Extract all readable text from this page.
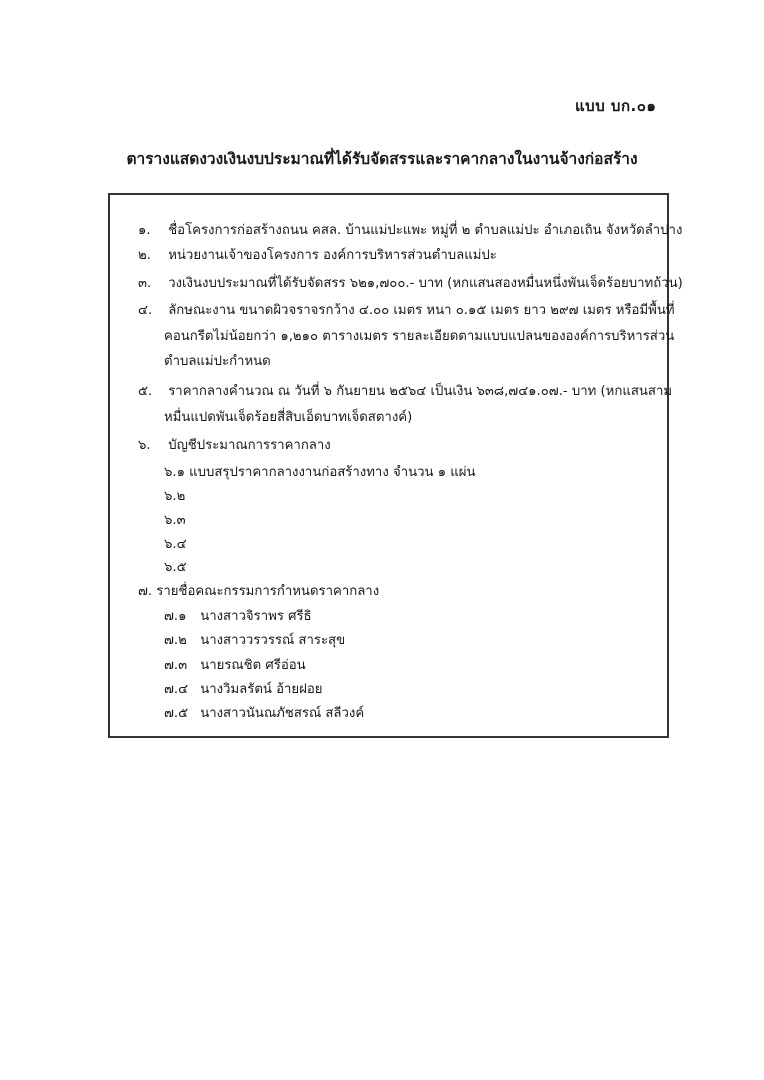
แบบ บก.๐๑
ตารางแสดงวงเงินงบประมาณที่ได้รับจัดสรรและราคากลางในงานจ้างก่อสร้าง
๑. ชื่อโครงการก่อสร้างถนน คสล. บ้านแม่ปะแพะ หมู่ที่ ๒ ตำบลแม่ปะ อำเภอเถิน จังหวัดลำปาง
๒. หน่วยงานเจ้าของโครงการ องค์การบริหารส่วนตำบลแม่ปะ
๓. วงเงินงบประมาณที่ได้รับจัดสรร ๖๒๑,๗๐๐.- บาท (หกแสนสองหมื่นหนึ่งพันเจ็ดร้อยบาทถ้วน)
๔. ลักษณะงาน ขนาดผิวจราจรกว้าง ๔.๐๐ เมตร หนา ๐.๑๕ เมตร ยาว ๒๙๗ เมตร หรือมีพื้นที่
คอนกรีตไม่น้อยกว่า ๑,๒๑๐ ตารางเมตร รายละเอียดตามแบบแปลนขององค์การบริหารส่วน
ตำบลแม่ปะกำหนด
๕. ราคากลางคำนวณ ณ วันที่ ๖ กันยายน ๒๕๖๔ เป็นเงิน ๖๓๘,๗๔๑.๐๗.- บาท (หกแสนสาม
หมื่นแปดพันเจ็ดร้อยสี่สิบเอ็ดบาทเจ็ดสตางค์)
๖. บัญชีประมาณการราคากลาง
๖.๑ แบบสรุปราคากลางงานก่อสร้างทาง จำนวน ๑ แผ่น
๖.๒
๖.๓
๖.๔
๖.๕
๗. รายชื่อคณะกรรมการกำหนดราคากลาง
๗.๑ นางสาวจิราพร ศรีธิ
๗.๒ นางสาววรวรรณ์ สาระสุข
๗.๓ นายรณชิต ศรีอ่อน
๗.๔ นางวิมลรัตน์ อ้ายฝอย
๗.๕ นางสาวนันณภัชสรณ์ สลีวงค์
